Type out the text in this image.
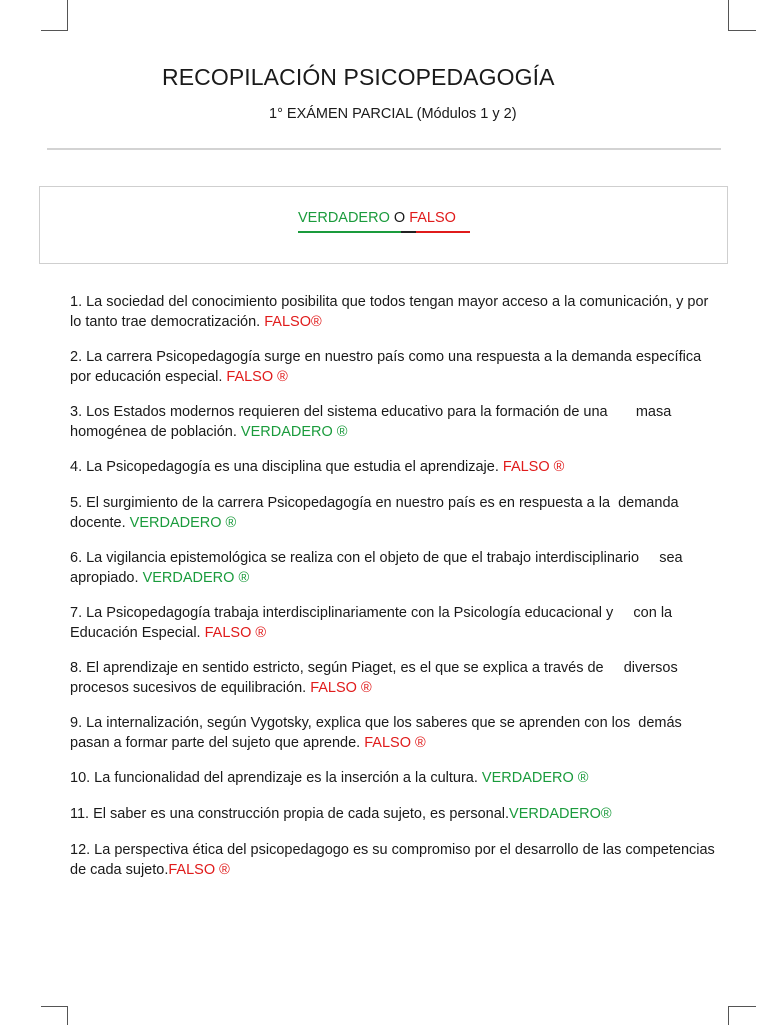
RECOPILACIÓN PSICOPEDAGOGÍA
1° EXÁMEN PARCIAL (Módulos 1 y 2)
VERDADERO O FALSO

1. La sociedad del conocimiento posibilita que todos tengan mayor acceso a la comunicación, y por lo tanto trae democratización. FALSO®

2. La carrera Psicopedagogía surge en nuestro país como una respuesta a la demanda específica por educación especial. FALSO ®

3. Los Estados modernos requieren del sistema educativo para la formación de una       masa homogénea de población. VERDADERO ®

4. La Psicopedagogía es una disciplina que estudia el aprendizaje. FALSO ®

5. El surgimiento de la carrera Psicopedagogía en nuestro país es en respuesta a la  demanda docente. VERDADERO ®

6. La vigilancia epistemológica se realiza con el objeto de que el trabajo interdisciplinario     sea apropiado. VERDADERO ®

7. La Psicopedagogía trabaja interdisciplinariamente con la Psicología educacional y     con la Educación Especial. FALSO ®

8. El aprendizaje en sentido estricto, según Piaget, es el que se explica a través de     diversos procesos sucesivos de equilibración. FALSO ®

9. La internalización, según Vygotsky, explica que los saberes que se aprenden con los  demás pasan a formar parte del sujeto que aprende. FALSO ®

10. La funcionalidad del aprendizaje es la inserción a la cultura. VERDADERO ®

11. El saber es una construcción propia de cada sujeto, es personal.VERDADERO®

12. La perspectiva ética del psicopedagogo es su compromiso por el desarrollo de las competencias de cada sujeto.FALSO ®
